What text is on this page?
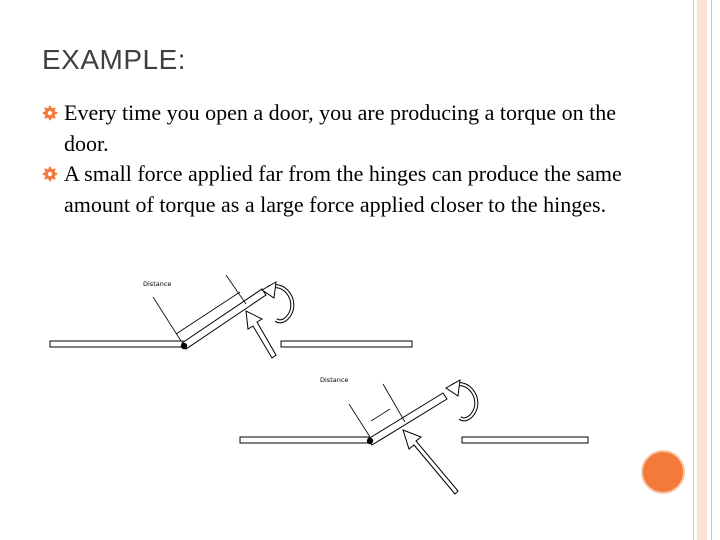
EXAMPLE:
Every time you open a door, you are producing a torque on the door.
A small force applied far from the hinges can produce the same amount of torque as a large force applied closer to the hinges.
Distance
Distance
